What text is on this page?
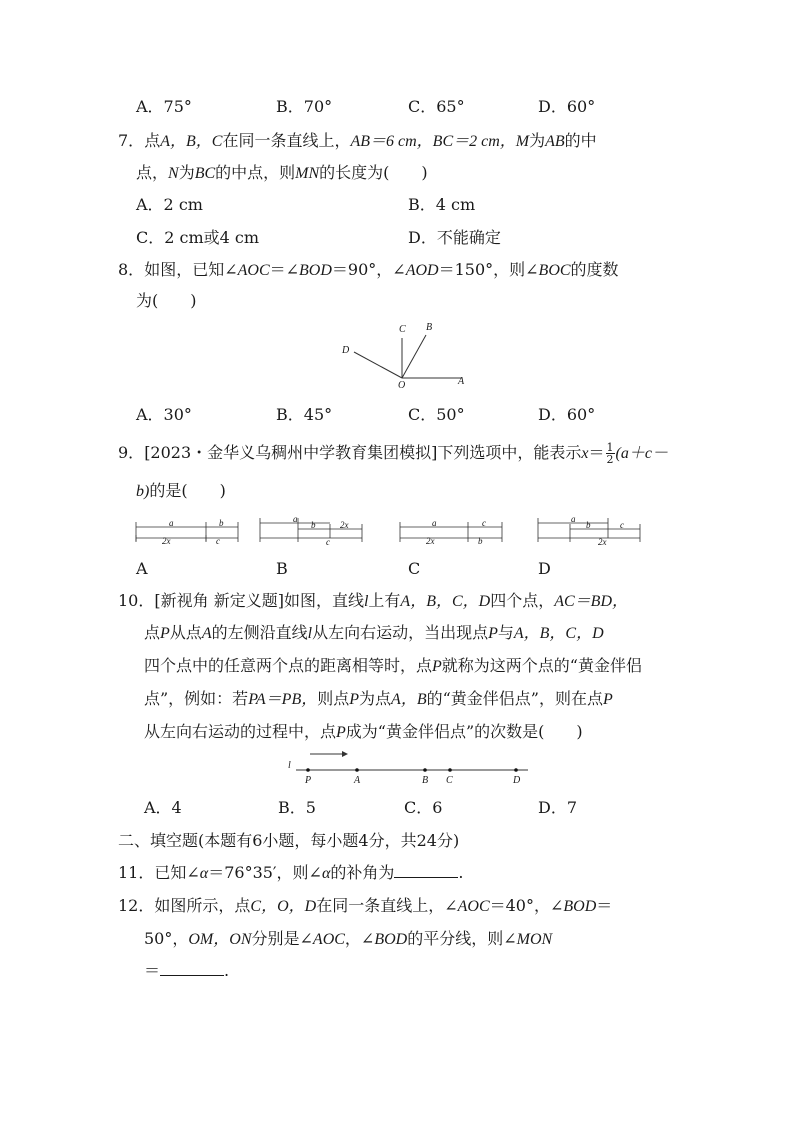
A．75°	B．70°	C．65°	D．60°
7．点A，B，C在同一条直线上，AB＝6 cm，BC＝2 cm，M为AB的中
点，N为BC的中点，则MN的长度为(　　)
A．2 cm	B．4 cm
C．2 cm或4 cm	D．不能确定
8．如图，已知∠AOC＝∠BOD＝90°，∠AOD＝150°，则∠BOC的度数
为(　　)
C B
D
O	A
A．30°	B．45°	C．50°	D．60°
9．[2023・金华义乌稠州中学教育集团模拟]下列选项中，能表示$x= \frac{1}{2} (a+c-$
b)的是(　　)
a	b
2x	c
a
b	2x
c
a	c
2x	b
a
b	c
2x
A	B	C	D
10．[新视角 新定义题]如图，直线l上有A，B，C，D四个点，AC＝BD，
点P从点A的左侧沿直线l从左向右运动，当出现点P与A，B，C，D
四个点中的任意两个点的距离相等时，点P就称为这两个点的“黄金伴侣
点”，例如：若PA＝PB，则点P为点A，B的“黄金伴侣点”，则在点P
从左向右运动的过程中，点P成为“黄金伴侣点”的次数是(　　)
l
P	A	B C	D
A．4	B．5	C．6	D．7
二、填空题(本题有6小题，每小题4分，共24分)
11．已知∠α＝76°35′，则∠α的补角为	.
12．如图所示，点C，O，D在同一条直线上，∠AOC＝40°，∠BOD＝
50°，OM，ON分别是∠AOC，∠BOD的平分线，则∠MON
＝	.
